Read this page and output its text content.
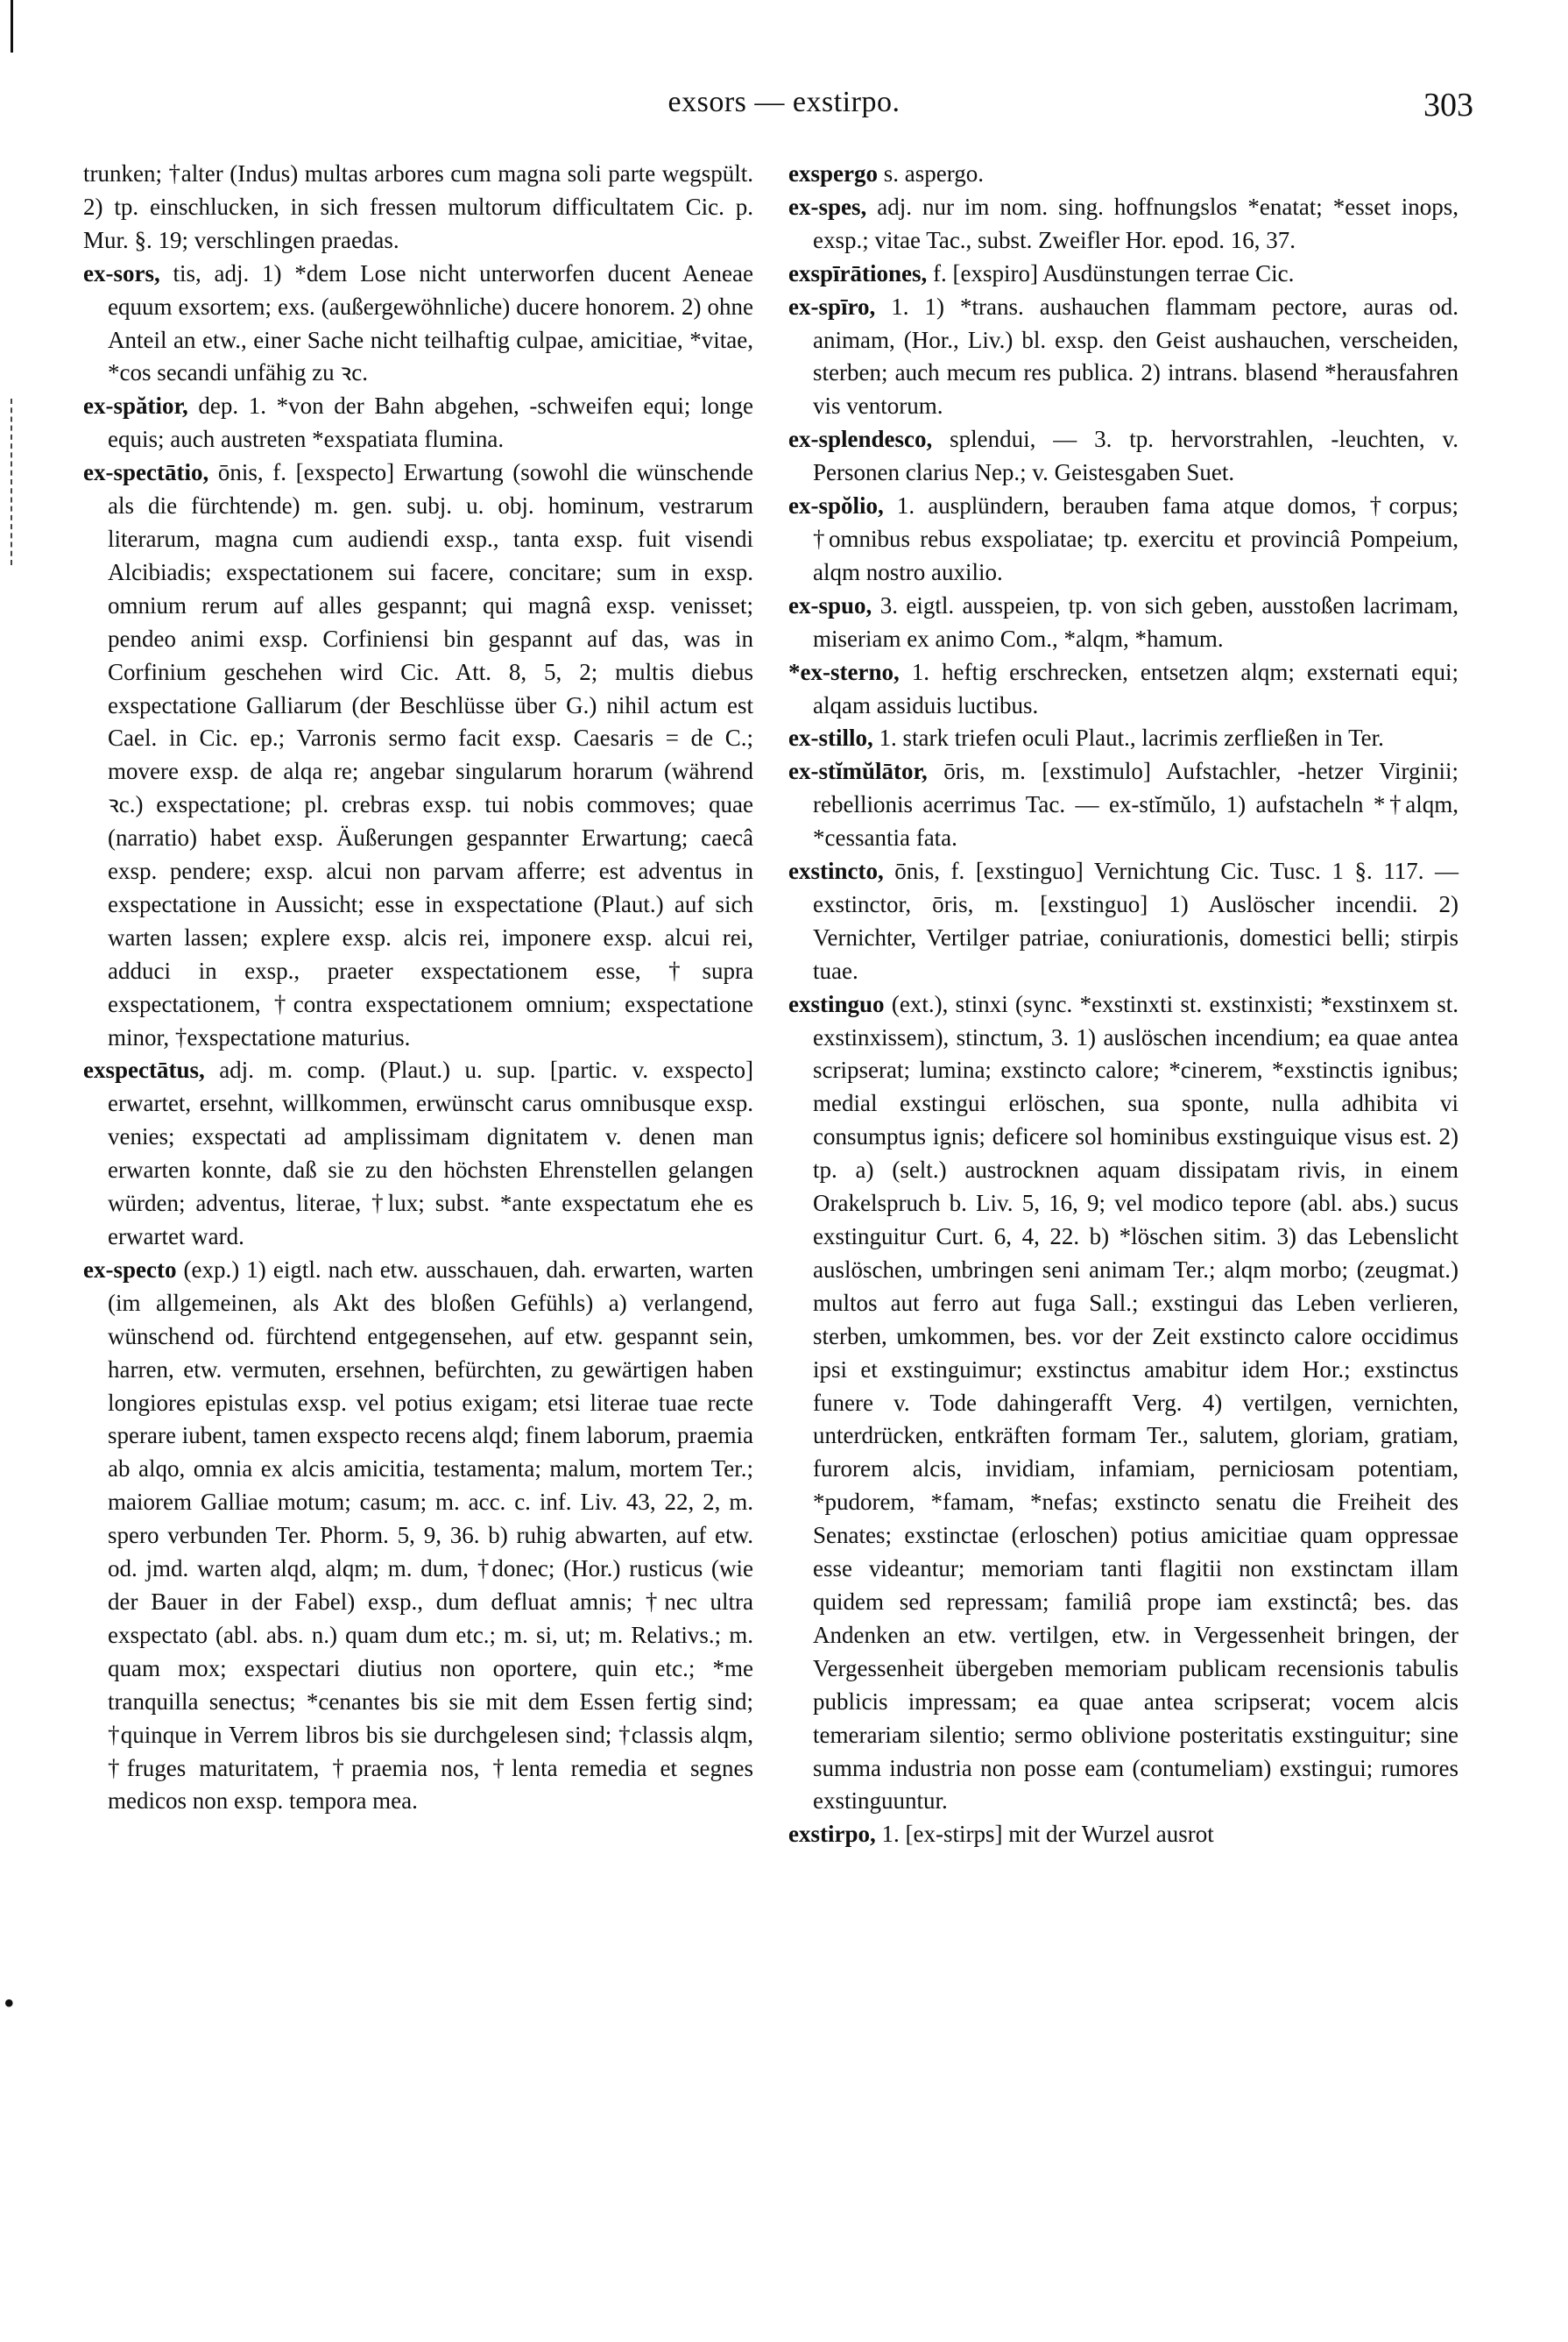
•
exsors — exstirpo.	303

trunken; †alter (Indus) multas arbores cum magna soli parte wegspült. 2) tp. einschlucken, in sich fressen multorum difficultatem Cic. p. Mur. §. 19; verschlingen praedas.

ex-sors, tis, adj. 1) *dem Lose nicht unterworfen ducent Aeneae equum exsortem; exs. (außergewöhnliche) ducere honorem. 2) ohne Anteil an etw., einer Sache nicht teilhaftig culpae, amicitiae, *vitae, *cos secandi unfähig zu ꝛc.

ex-spătior, dep. 1. *von der Bahn abgehen, -schweifen equi; longe equis; auch austreten *exspatiata flumina.

ex-spectātio, ōnis, f. [exspecto] Erwartung (sowohl die wünschende als die fürchtende) m. gen. subj. u. obj. hominum, vestrarum literarum, magna cum audiendi exsp., tanta exsp. fuit visendi Alcibiadis; exspectationem sui facere, concitare; sum in exsp. omnium rerum auf alles gespannt; qui magnâ exsp. venisset; pendeo animi exsp. Corfiniensi bin gespannt auf das, was in Corfinium geschehen wird Cic. Att. 8, 5, 2; multis diebus exspectatione Galliarum (der Beschlüsse über G.) nihil actum est Cael. in Cic. ep.; Varronis sermo facit exsp. Caesaris = de C.; movere exsp. de alqa re; angebar singularum horarum (während ꝛc.) exspectatione; pl. crebras exsp. tui nobis commoves; quae (narratio) habet exsp. Äußerungen gespannter Erwartung; caecâ exsp. pendere; exsp. alcui non parvam afferre; est adventus in exspectatione in Aussicht; esse in exspectatione (Plaut.) auf sich warten lassen; explere exsp. alcis rei, imponere exsp. alcui rei, adduci in exsp., praeter exspectationem esse, †supra exspectationem, †contra exspectationem omnium; exspectatione minor, †exspectatione maturius.

exspectātus, adj. m. comp. (Plaut.) u. sup. [partic. v. exspecto] erwartet, ersehnt, willkommen, erwünscht carus omnibusque exsp. venies; exspectati ad amplissimam dignitatem v. denen man erwarten konnte, daß sie zu den höchsten Ehrenstellen gelangen würden; adventus, literae, †lux; subst. *ante exspectatum ehe es erwartet ward.

ex-specto (exp.) 1) eigtl. nach etw. ausschauen, dah. erwarten, warten (im allgemeinen, als Akt des bloßen Gefühls) a) verlangend, wünschend od. fürchtend entgegensehen, auf etw. gespannt sein, harren, etw. vermuten, ersehnen, befürchten, zu gewärtigen haben longiores epistulas exsp. vel potius exigam; etsi literae tuae recte sperare iubent, tamen exspecto recens alqd; finem laborum, praemia ab alqo, omnia ex alcis amicitia, testamenta; malum, mortem Ter.; maiorem Galliae motum; casum; m. acc. c. inf. Liv. 43, 22, 2, m. spero verbunden Ter. Phorm. 5, 9, 36. b) ruhig abwarten, auf etw. od. jmd. warten alqd, alqm; m. dum, †donec; (Hor.) rusticus (wie der Bauer in der Fabel) exsp., dum defluat amnis; †nec ultra exspectato (abl. abs. n.) quam dum etc.; m. si, ut; m. Relativs.; m. quam mox; exspectari diutius non oportere, quin etc.; *me tranquilla senectus; *cenantes bis sie mit dem Essen fertig sind; †quinque in Verrem libros bis sie durchgelesen sind; †classis alqm, †fruges maturitatem, †praemia nos, †lenta remedia et segnes medicos non exsp. tempora mea.

exspergo s. aspergo.

ex-spes, adj. nur im nom. sing. hoffnungslos *enatat; *esset inops, exsp.; vitae Tac., subst. Zweifler Hor. epod. 16, 37.

exspīrātiones, f. [exspiro] Ausdünstungen terrae Cic.

ex-spīro, 1. 1) *trans. aushauchen flammam pectore, auras od. animam, (Hor., Liv.) bl. exsp. den Geist aushauchen, verscheiden, sterben; auch mecum res publica. 2) intrans. blasend *herausfahren vis ventorum.

ex-splendesco, splendui, — 3. tp. hervorstrahlen, -leuchten, v. Personen clarius Nep.; v. Geistesgaben Suet.

ex-spŏlio, 1. ausplündern, berauben fama atque domos, †corpus; †omnibus rebus exspoliatae; tp. exercitu et provinciâ Pompeium, alqm nostro auxilio.

ex-spuo, 3. eigtl. ausspeien, tp. von sich geben, ausstoßen lacrimam, miseriam ex animo Com., *alqm, *hamum.

*ex-sterno, 1. heftig erschrecken, entsetzen alqm; exsternati equi; alqam assiduis luctibus.

ex-stillo, 1. stark triefen oculi Plaut., lacrimis zerfließen in Ter.

ex-stĭmŭlātor, ōris, m. [exstimulo] Aufstachler, -hetzer Virginii; rebellionis acerrimus Tac. — ex-stĭmŭlo, 1) aufstacheln *†alqm, *cessantia fata.

exstincto, ōnis, f. [exstinguo] Vernichtung Cic. Tusc. 1 §. 117. — exstinctor, ōris, m. [exstinguo] 1) Auslöscher incendii. 2) Vernichter, Vertilger patriae, coniurationis, domestici belli; stirpis tuae.

exstinguo (ext.), stinxi (sync. *exstinxti st. exstinxisti; *exstinxem st. exstinxissem), stinctum, 3. 1) auslöschen incendium; ea quae antea scripserat; lumina; exstincto calore; *cinerem, *exstinctis ignibus; medial exstingui erlöschen, sua sponte, nulla adhibita vi consumptus ignis; deficere sol hominibus exstinguique visus est. 2) tp. a) (selt.) austrocknen aquam dissipatam rivis, in einem Orakelspruch b. Liv. 5, 16, 9; vel modico tepore (abl. abs.) sucus exstinguitur Curt. 6, 4, 22. b) *löschen sitim. 3) das Lebenslicht auslöschen, umbringen seni animam Ter.; alqm morbo; (zeugmat.) multos aut ferro aut fuga Sall.; exstingui das Leben verlieren, sterben, umkommen, bes. vor der Zeit exstincto calore occidimus ipsi et exstinguimur; exstinctus amabitur idem Hor.; exstinctus funere v. Tode dahingerafft Verg. 4) vertilgen, vernichten, unterdrücken, entkräften formam Ter., salutem, gloriam, gratiam, furorem alcis, invidiam, infamiam, perniciosam potentiam, *pudorem, *famam, *nefas; exstincto senatu die Freiheit des Senates; exstinctae (erloschen) potius amicitiae quam oppressae esse videantur; memoriam tanti flagitii non exstinctam illam quidem sed repressam; familiâ prope iam exstinctâ; bes. das Andenken an etw. vertilgen, etw. in Vergessenheit bringen, der Vergessenheit übergeben memoriam publicam recensionis tabulis publicis impressam; ea quae antea scripserat; vocem alcis temerariam silentio; sermo oblivione posteritatis exstinguitur; sine summa industria non posse eam (contumeliam) exstingui; rumores exstinguuntur.

exstirpo, 1. [ex-stirps] mit der Wurzel ausrot
